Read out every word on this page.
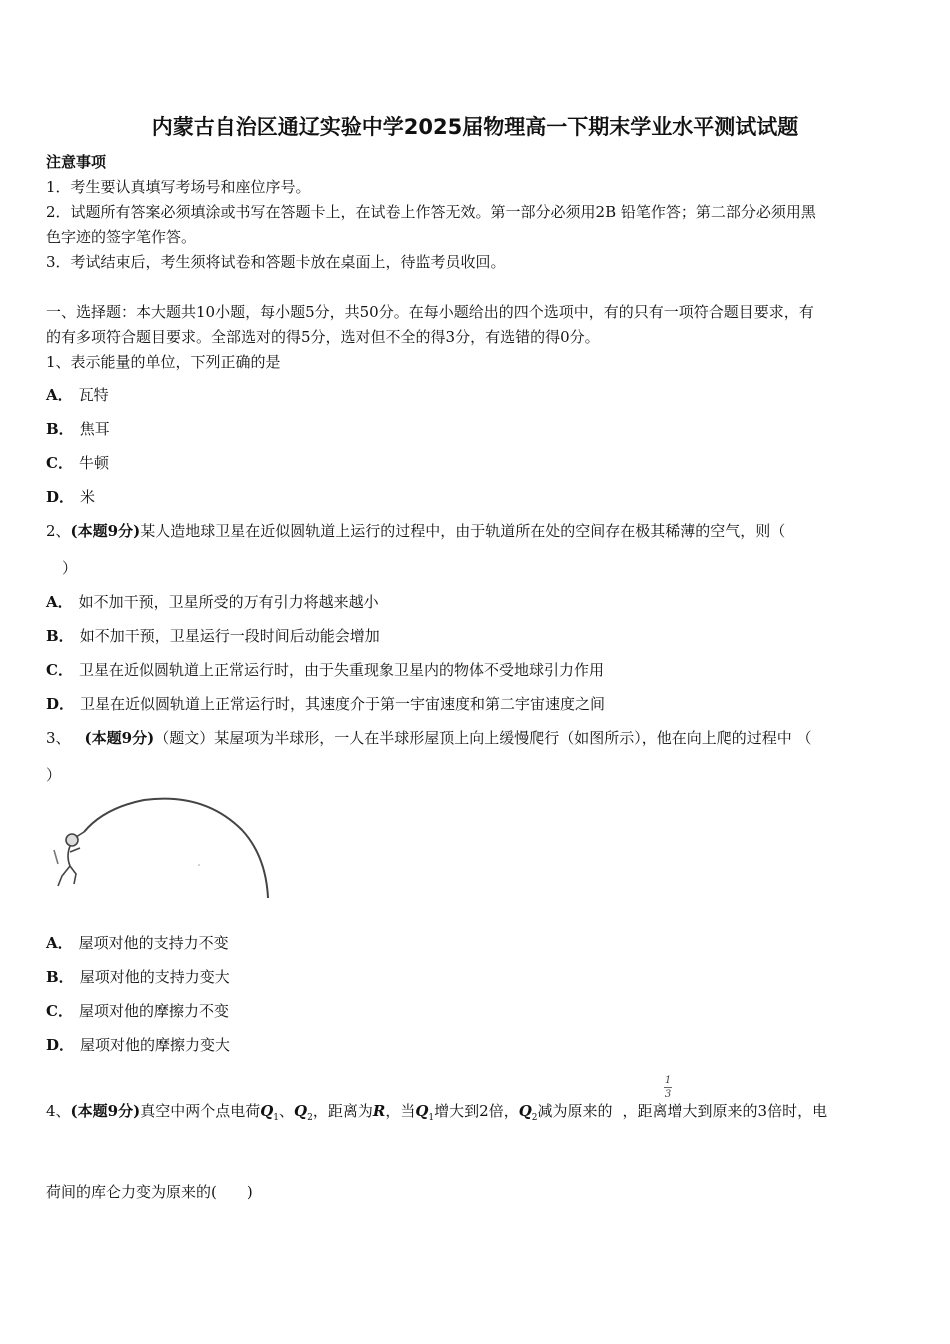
内蒙古自治区通辽实验中学2025届物理高一下期末学业水平测试试题
注意事项
1．考生要认真填写考场号和座位序号。
2．试题所有答案必须填涂或书写在答题卡上，在试卷上作答无效。第一部分必须用2B 铅笔作答；第二部分必须用黑
色字迹的签字笔作答。
3．考试结束后，考生须将试卷和答题卡放在桌面上，待监考员收回。
一、选择题：本大题共10小题，每小题5分，共50分。在每小题给出的四个选项中，有的只有一项符合题目要求，有
的有多项符合题目要求。全部选对的得5分，选对但不全的得3分，有选错的得0分。
1、表示能量的单位，下列正确的是
A． 瓦特
B． 焦耳
C． 牛顿
D． 米
2、(本题9分)某人造地球卫星在近似圆轨道上运行的过程中，由于轨道所在处的空间存在极其稀薄的空气，则（
）
A． 如不加干预，卫星所受的万有引力将越来越小
B． 如不加干预，卫星运行一段时间后动能会增加
C． 卫星在近似圆轨道上正常运行时，由于失重现象卫星内的物体不受地球引力作用
D． 卫星在近似圆轨道上正常运行时，其速度介于第一宇宙速度和第二宇宙速度之间
3、 (本题9分)（题文）某屋项为半球形，一人在半球形屋顶上向上缓慢爬行（如图所示），他在向上爬的过程中 （
）
A． 屋项对他的支持力不变
B． 屋项对他的支持力变大
C． 屋项对他的摩擦力不变
D． 屋项对他的摩擦力变大
1
3
4、(本题9分)真空中两个点电荷$Q_1$、$Q_2$，距离为R，当$Q_1$增大到2倍，$Q_2$减为原来的 ，距离增大到原来的3倍时，电
荷间的库仑力变为原来的(　　)
